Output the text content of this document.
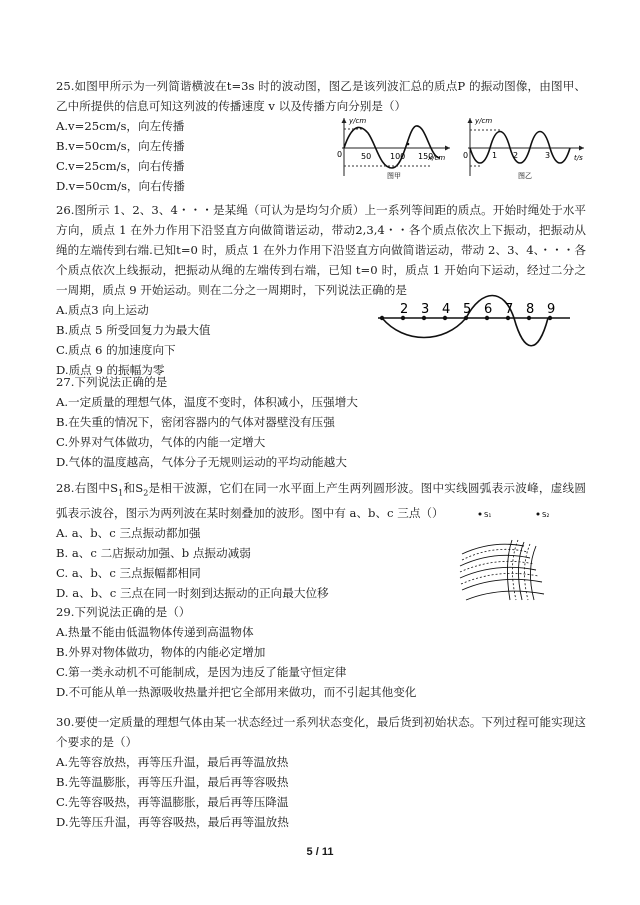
25.如图甲所示为一列简谐横波在t=3s 时的波动图，图乙是该列波汇总的质点P 的振动图像，由图甲、乙中所提供的信息可知这列波的传播速度 v 以及传播方向分别是（）

A.v=25cm/s，向左传播

B.v=50cm/s，向左传播

C.v=25cm/s，向右传播

D.v=50cm/s，向右传播

y/cm
x/cm
0 50 100 150
图甲
y/cm
t/s
0	1 2	3
图乙

26.图所示 1、2、3、4・・・是某绳（可认为是均匀介质）上一系列等间距的质点。开始时绳处于水平方向，质点 1 在外力作用下沿竖直方向做简谐运动，带动2,3,4・・各个质点依次上下振动，把振动从绳的左端传到右端.已知t=0 时，质点 1 在外力作用下沿竖直方向做简谐运动，带动 2、3、4、・・・各个质点依次上线振动，把振动从绳的左端传到右端，已知 t=0 时，质点 1 开始向下运动，经过二分之一周期，质点 9 开始运动。则在二分之一周期时，下列说法正确的是

A.质点3 向上运动

B.质点 5 所受回复力为最大值

C.质点 6 的加速度向下

D.质点 9 的振幅为零

2 3 4 5 6 7 8 9

27.下列说法正确的是

A.一定质量的理想气体，温度不变时，体积减小，压强增大

B.在失重的情况下，密闭容器内的气体对器壁没有压强

C.外界对气体做功，气体的内能一定增大

D.气体的温度越高，气体分子无规则运动的平均动能越大

28.右图中$S_1$和$S_2$是相干波源，它们在同一水平面上产生两列圆形波。图中实线圆弧表示波峰，虚线圆弧表示波谷，图示为两列波在某时刻叠加的波形。图中有 a、b、c 三点（）

A. a、b、c 三点振动都加强

B. a、c 二店振动加强、b 点振动减弱

C. a、b、c 三点振幅都相同

D. a、b、c 三点在同一时刻到达振动的正向最大位移

S₁	S₂

29.下列说法正确的是（）

A.热量不能由低温物体传递到高温物体

B.外界对物体做功，物体的内能必定增加

C.第一类永动机不可能制成，是因为违反了能量守恒定律

D.不可能从单一热源吸收热量并把它全部用来做功，而不引起其他变化

30.要使一定质量的理想气体由某一状态经过一系列状态变化，最后货到初始状态。下列过程可能实现这个要求的是（）

A.先等容放热，再等压升温，最后再等温放热

B.先等温膨胀，再等压升温，最后再等容吸热

C.先等容吸热，再等温膨胀，最后再等压降温

D.先等压升温，再等容吸热，最后再等温放热

5 / 11
